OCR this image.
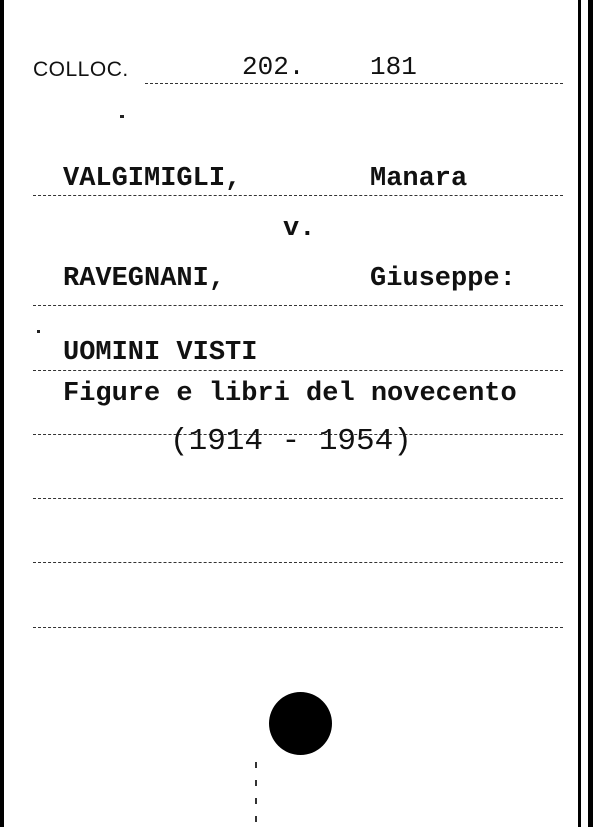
COLLOC.	202.	181
VALGIMIGLI,	Manara
v.
RAVEGNANI,	Giuseppe:
UOMINI VISTI
Figure e libri del novecento
(1914 - 1954)
